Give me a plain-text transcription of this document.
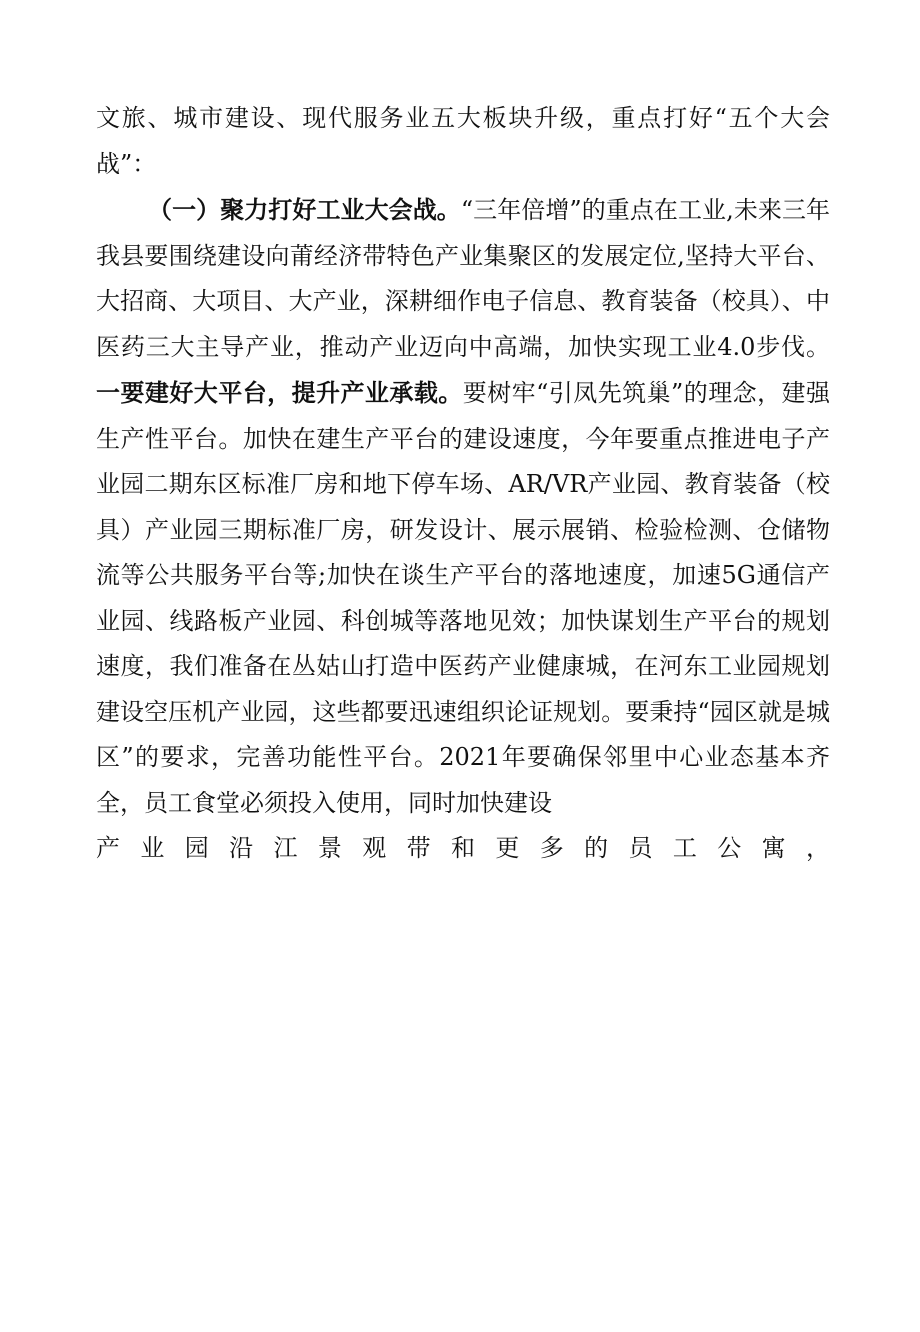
文旅、城市建设、现代服务业五大板块升级，重点打好“五个大会战”：

（一）聚力打好工业大会战。“三年倍增”的重点在工业,未来三年我县要围绕建设向莆经济带特色产业集聚区的发展定位,坚持大平台、大招商、大项目、大产业，深耕细作电子信息、教育装备（校具）、中医药三大主导产业，推动产业迈向中高端，加快实现工业4.0步伐。一要建好大平台，提升产业承载。要树牢“引凤先筑巢”的理念，建强生产性平台。加快在建生产平台的建设速度，今年要重点推进电子产业园二期东区标准厂房和地下停车场、AR/VR产业园、教育装备（校具）产业园三期标准厂房，研发设计、展示展销、检验检测、仓储物流等公共服务平台等;加快在谈生产平台的落地速度，加速5G通信产业园、线路板产业园、科创城等落地见效；加快谋划生产平台的规划速度，我们准备在丛姑山打造中医药产业健康城，在河东工业园规划建设空压机产业园，这些都要迅速组织论证规划。要秉持“园区就是城区”的要求，完善功能性平台。2021年要确保邻里中心业态基本齐全，员工食堂必须投入使用，同时加快建设

产业园沿江景观带和更多的员工公寓，
